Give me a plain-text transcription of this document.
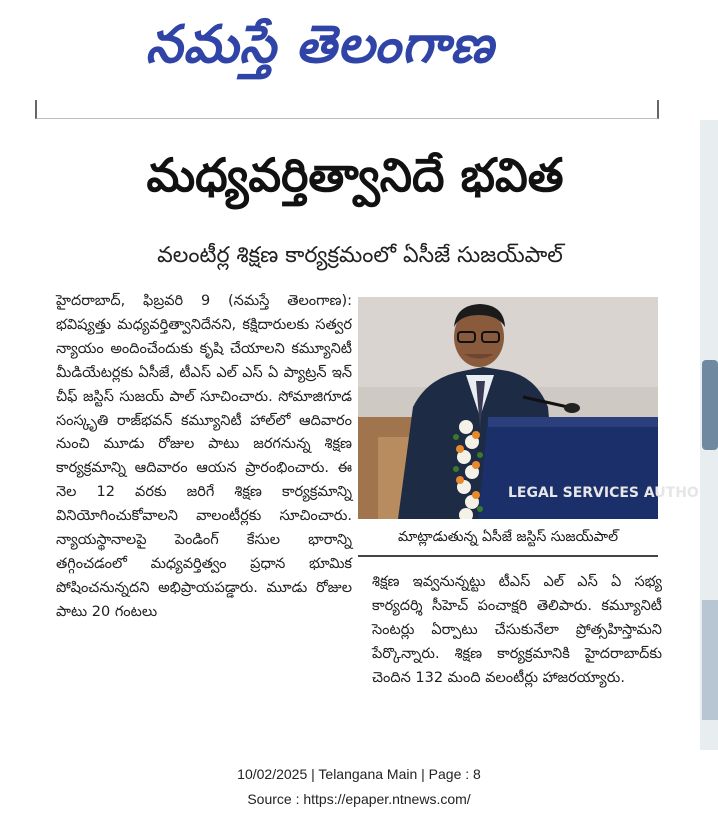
నమస్తే తెలంగాణ
మధ్యవర్తిత్వానిదే భవిత
వలంటీర్ల శిక్షణ కార్యక్రమంలో ఏసీజే సుజయ్‌పాల్
హైదరాబాద్, ఫిబ్రవరి 9 (నమస్తే తెలంగాణ): భవిష్యత్తు మధ్యవర్తిత్వానిదేనని, కక్షిదారులకు సత్వర న్యాయం అందించేందుకు కృషి చేయాలని కమ్యూనిటీ మీడియేటర్లకు ఏసీజే, టీఎస్ ఎల్ ఎస్ ఏ ప్యాట్రన్ ఇన్ చీఫ్ జస్టిస్ సుజయ్ పాల్ సూచించారు. సోమాజిగూడ సంస్కృతి రాజ్‌భవన్ కమ్యూనిటీ హాల్‌లో ఆదివారం నుంచి మూడు రోజుల పాటు జరగనున్న శిక్షణ కార్యక్రమాన్ని ఆదివారం ఆయన ప్రారంభించారు. ఈ నెల 12 వరకు జరిగే శిక్షణ కార్యక్రమాన్ని వినియోగించుకోవాలని వాలంటీర్లకు సూచించారు. న్యాయస్థానాలపై పెండింగ్ కేసుల భారాన్ని తగ్గించడంలో మధ్యవర్తిత్వం ప్రధాన భూమిక పోషించనున్నదని అభిప్రాయపడ్డారు. మూడు రోజుల పాటు 20 గంటలు
LEGAL SERVICES AUTHO
మాట్లాడుతున్న ఏసీజే జస్టిస్ సుజయ్‌పాల్
శిక్షణ ఇవ్వనున్నట్టు టీఎస్ ఎల్ ఎస్ ఏ సభ్య కార్యదర్శి సీహెచ్ పంచాక్షరి తెలిపారు. కమ్యూనిటీ సెంటర్లు ఏర్పాటు చేసుకునేలా ప్రోత్సహిస్తామని పేర్కొన్నారు. శిక్షణ కార్యక్రమానికి హైదరాబాద్‌కు చెందిన 132 మంది వలంటీర్లు హాజరయ్యారు.
10/02/2025 | Telangana Main | Page : 8
Source : https://epaper.ntnews.com/
